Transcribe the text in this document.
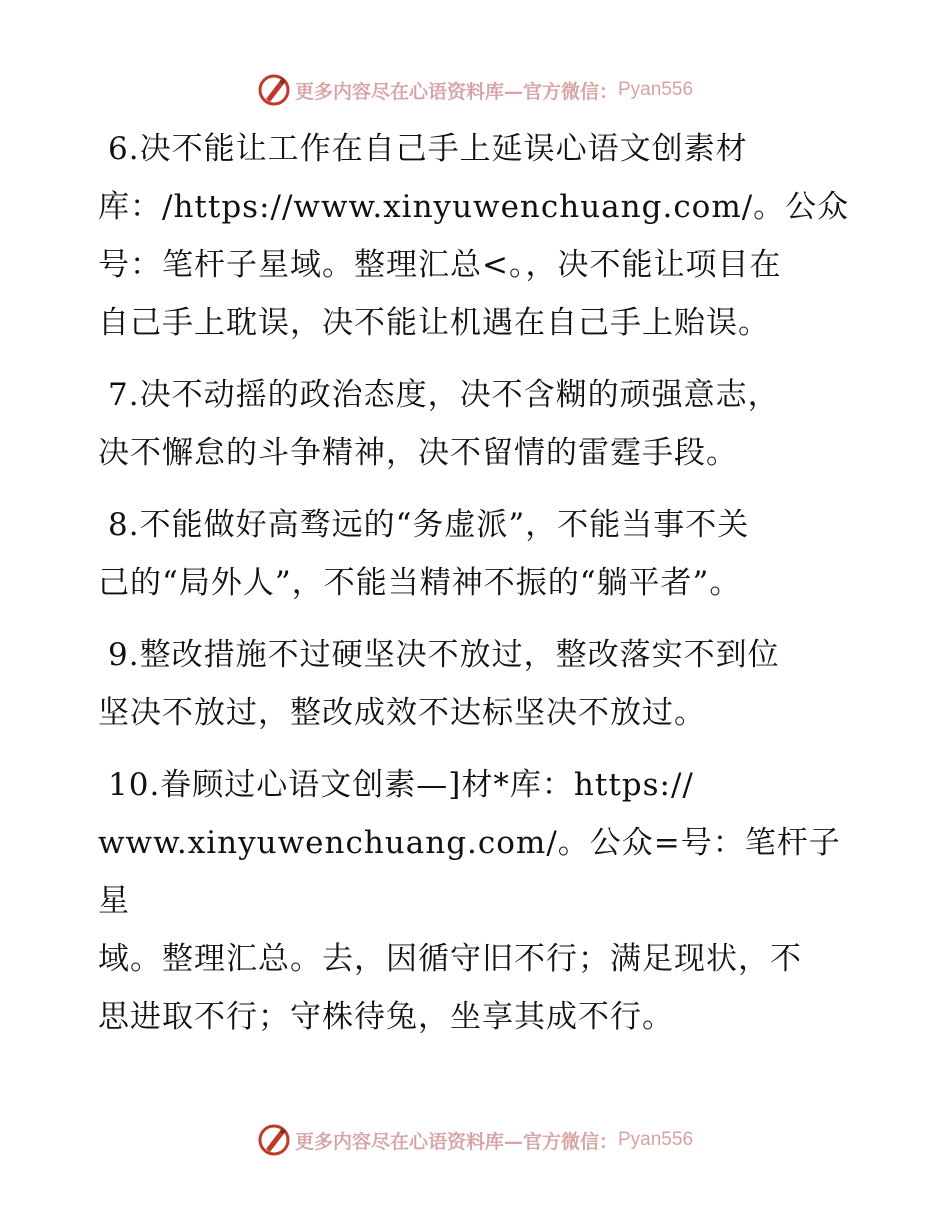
更多内容尽在心语资料库—官方微信： Pyan556

6.决不能让工作在自己手上延误心语文创素材
库：/https://www.xinyuwenchuang.com/。公众
号：笔杆子星域。整理汇总<。，决不能让项目在
自己手上耽误，决不能让机遇在自己手上贻误。

7.决不动摇的政治态度，决不含糊的顽强意志，
决不懈怠的斗争精神，决不留情的雷霆手段。

8.不能做好高骛远的“务虚派”，不能当事不关
己的“局外人”，不能当精神不振的“躺平者”。

9.整改措施不过硬坚决不放过，整改落实不到位
坚决不放过，整改成效不达标坚决不放过。

10.眷顾过心语文创素—]材*库：https://
www.xinyuwenchuang.com/。公众=号：笔杆子星
域。整理汇总。去，因循守旧不行；满足现状，不
思进取不行；守株待兔，坐享其成不行。

更多内容尽在心语资料库—官方微信： Pyan556
